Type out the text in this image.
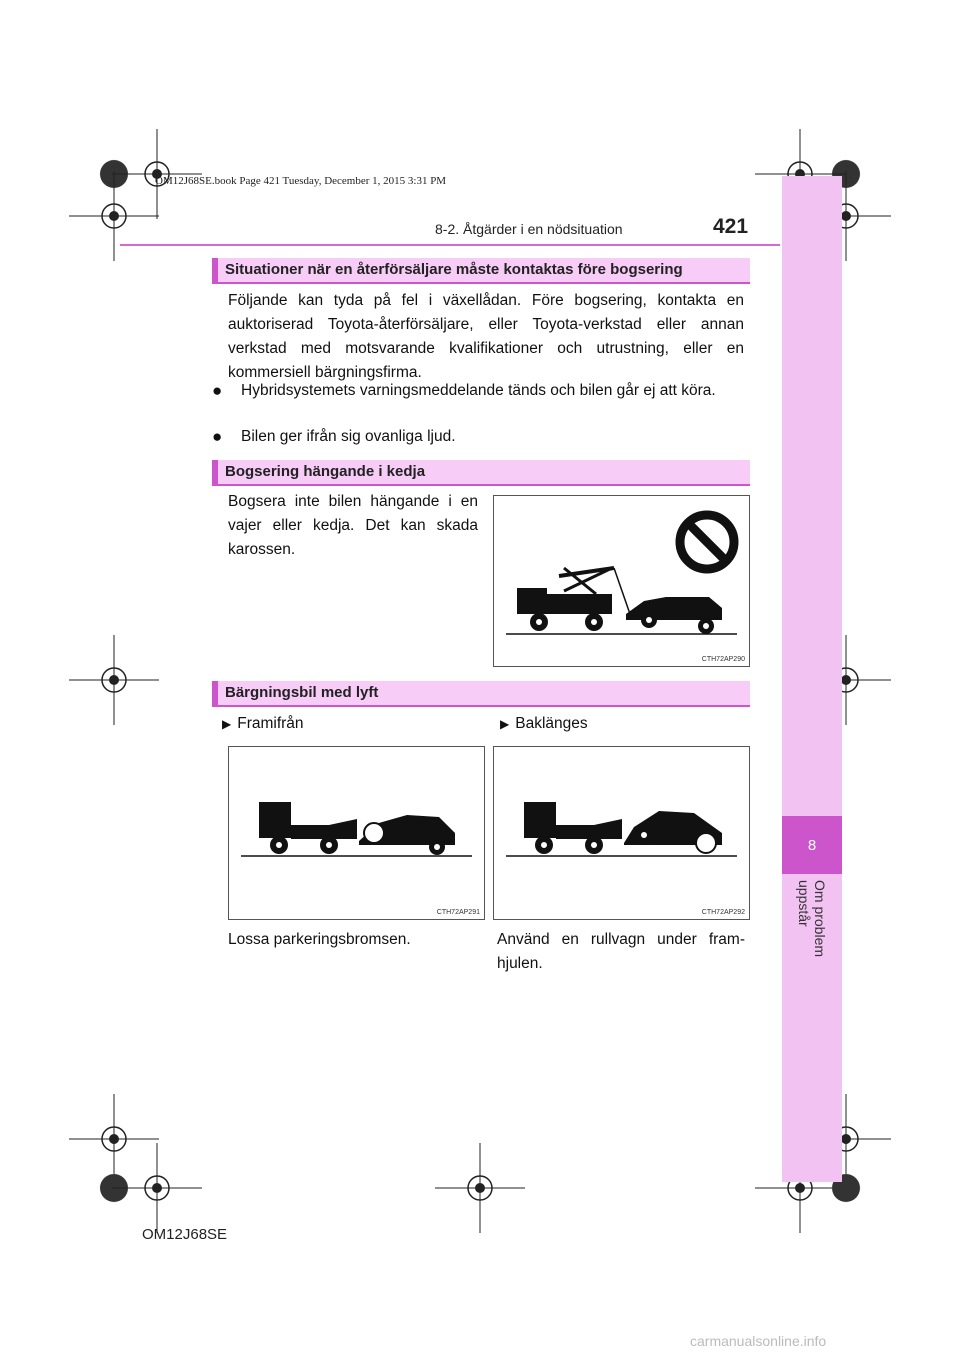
OM12J68SE.book Page 421 Tuesday, December 1, 2015 3:31 PM
8-2. Åtgärder i en nödsituation	421
8
Om problem uppstår
Situationer när en återförsäljare måste kontaktas före bogsering
Följande kan tyda på fel i växellådan. Före bogsering, kontakta en auktoriserad Toyota-återförsäljare, eller Toyota-verkstad eller annan verkstad med motsvarande kvalifikationer och utrustning, eller en kommersiell bärgningsfirma.
● Hybridsystemets varningsmeddelande tänds och bilen går ej att köra.
● Bilen ger ifrån sig ovanliga ljud.
Bogsering hängande i kedja
Bogsera inte bilen hängande i en vajer eller kedja. Det kan skada karossen.
CTH72AP290
Bärgningsbil med lyft
▶ Framifrån	▶ Baklänges
CTH72AP291	CTH72AP292
Lossa parkeringsbromsen.	Använd en rullvagn under fram-hjulen.
OM12J68SE
carmanualsonline.info
